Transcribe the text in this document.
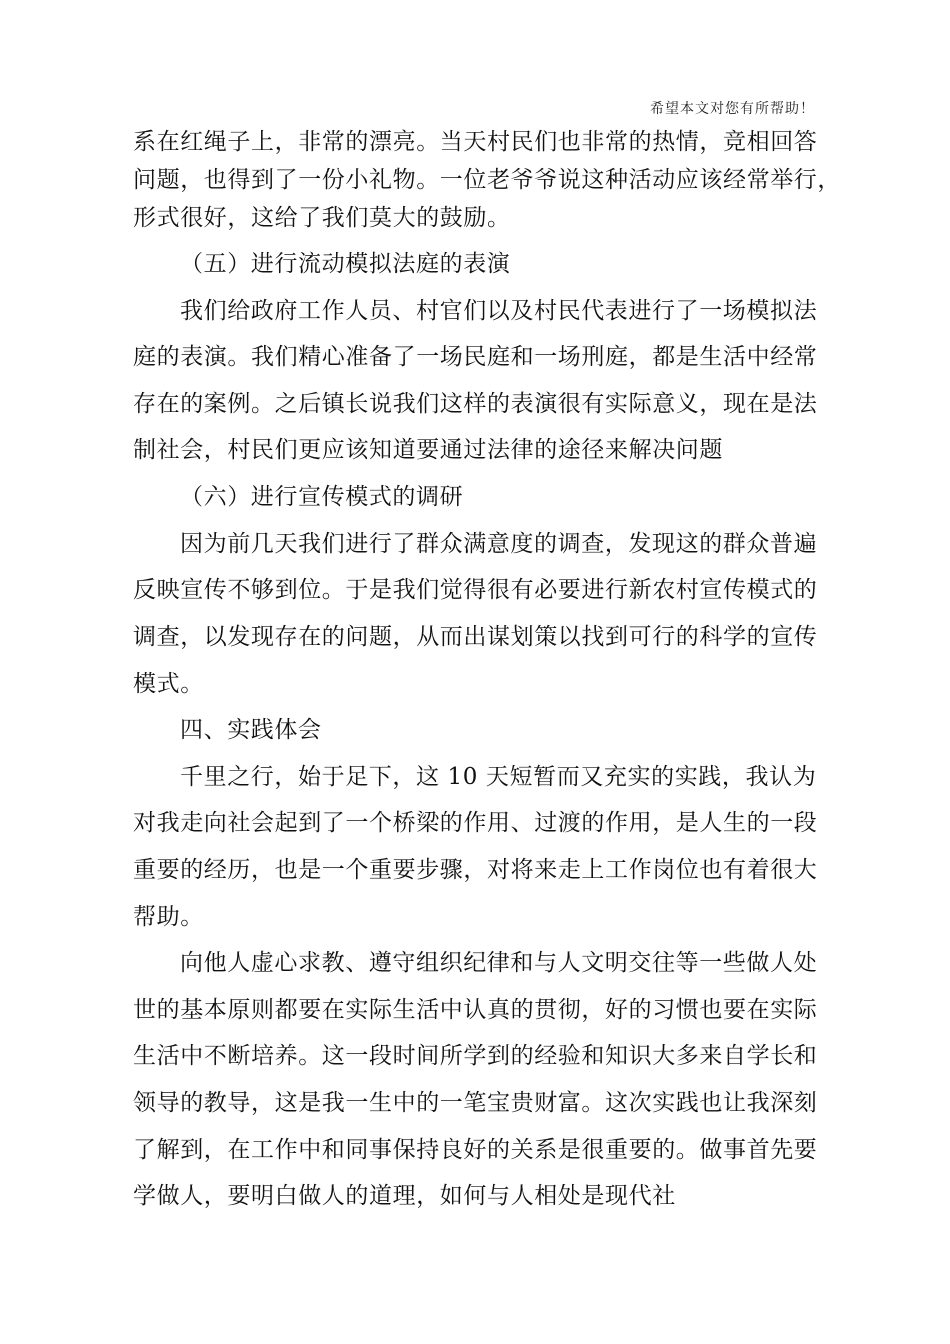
希望本文对您有所帮助！
系在红绳子上，非常的漂亮。当天村民们也非常的热情，竞相回答
问题，也得到了一份小礼物。一位老爷爷说这种活动应该经常举行，
形式很好，这给了我们莫大的鼓励。
（五）进行流动模拟法庭的表演
我们给政府工作人员、村官们以及村民代表进行了一场模拟法
庭的表演。我们精心准备了一场民庭和一场刑庭，都是生活中经常
存在的案例。之后镇长说我们这样的表演很有实际意义，现在是法
制社会，村民们更应该知道要通过法律的途径来解决问题
（六）进行宣传模式的调研
因为前几天我们进行了群众满意度的调查，发现这的群众普遍
反映宣传不够到位。于是我们觉得很有必要进行新农村宣传模式的
调查，以发现存在的问题，从而出谋划策以找到可行的科学的宣传
模式。
四、实践体会
千里之行，始于足下，这 10 天短暂而又充实的实践，我认为
对我走向社会起到了一个桥梁的作用、过渡的作用，是人生的一段
重要的经历，也是一个重要步骤，对将来走上工作岗位也有着很大
帮助。
向他人虚心求教、遵守组织纪律和与人文明交往等一些做人处
世的基本原则都要在实际生活中认真的贯彻，好的习惯也要在实际
生活中不断培养。这一段时间所学到的经验和知识大多来自学长和
领导的教导，这是我一生中的一笔宝贵财富。这次实践也让我深刻
了解到，在工作中和同事保持良好的关系是很重要的。做事首先要
学做人，要明白做人的道理，如何与人相处是现代社
